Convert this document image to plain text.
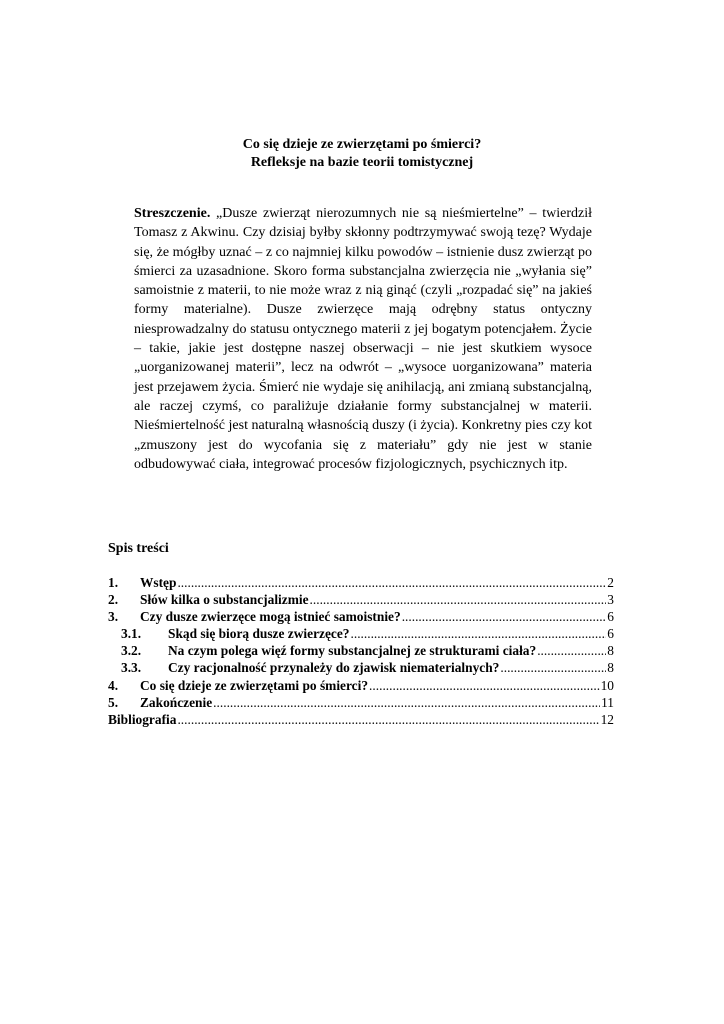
Co się dzieje ze zwierzętami po śmierci?
Refleksje na bazie teorii tomistycznej
Streszczenie. „Dusze zwierząt nierozumnych nie są nieśmiertelne” – twierdził Tomasz z Akwinu. Czy dzisiaj byłby skłonny podtrzymywać swoją tezę? Wydaje się, że mógłby uznać – z co najmniej kilku powodów – istnienie dusz zwierząt po śmierci za uzasadnione. Skoro forma substancjalna zwierzęcia nie „wyłania się” samoistnie z materii, to nie może wraz z nią ginąć (czyli „rozpadać się” na jakieś formy materialne). Dusze zwierzęce mają odrębny status ontyczny niesprowadzalny do statusu ontycznego materii z jej bogatym potencjałem. Życie – takie, jakie jest dostępne naszej obserwacji – nie jest skutkiem wysoce „uorganizowanej materii”, lecz na odwrót – „wysoce uorganizowana” materia jest przejawem życia. Śmierć nie wydaje się anihilacją, ani zmianą substancjalną, ale raczej czymś, co paraliżuje działanie formy substancjalnej w materii. Nieśmiertelność jest naturalną własnością duszy (i życia). Konkretny pies czy kot „zmuszony jest do wycofania się z materiału” gdy nie jest w stanie odbudowywać ciała, integrować procesów fizjologicznych, psychicznych itp.
Spis treści
1.	Wstęp .....	2
2.	Słów kilka o substancjalizmie .....	3
3.	Czy dusze zwierzęce mogą istnieć samoistnie? .....	6
3.1.	Skąd się biorą dusze zwierzęce? .....	6
3.2.	Na czym polega więź formy substancjalnej ze strukturami ciała? .....	8
3.3.	Czy racjonalność przynależy do zjawisk niematerialnych? .....	8
4.	Co się dzieje ze zwierzętami po śmierci? .....	10
5.	Zakończenie .....	11
Bibliografia .....	12
